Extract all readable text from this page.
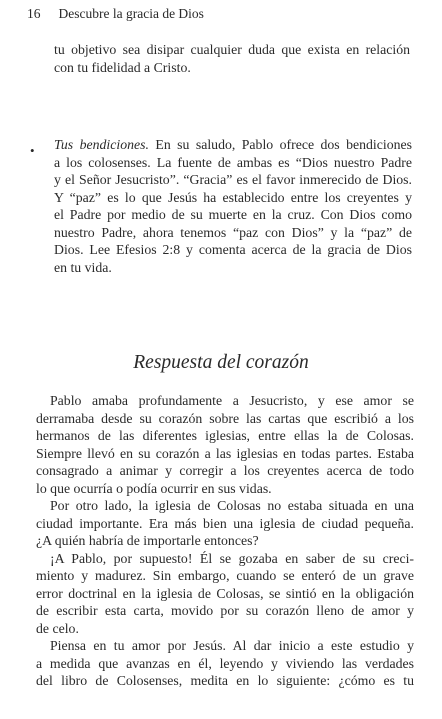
16 Descubre la gracia de Dios
tu objetivo sea disipar cualquier duda que exista en relación
con tu fidelidad a Cristo.
• Tus bendiciones. En su saludo, Pablo ofrece dos bendiciones
a los colosenses. La fuente de ambas es “Dios nuestro Padre
y el Señor Jesucristo”. “Gracia” es el favor inmerecido de Dios.
Y “paz” es lo que Jesús ha establecido entre los creyentes y
el Padre por medio de su muerte en la cruz. Con Dios como
nuestro Padre, ahora tenemos “paz con Dios” y la “paz” de
Dios. Lee Efesios 2:8 y comenta acerca de la gracia de Dios
en tu vida.
Respuesta del corazón
Pablo amaba profundamente a Jesucristo, y ese amor se
derramaba desde su corazón sobre las cartas que escribió a los
hermanos de las diferentes iglesias, entre ellas la de Colosas.
Siempre llevó en su corazón a las iglesias en todas partes. Estaba
consagrado a animar y corregir a los creyentes acerca de todo
lo que ocurría o podía ocurrir en sus vidas.
Por otro lado, la iglesia de Colosas no estaba situada en una
ciudad importante. Era más bien una iglesia de ciudad pequeña.
¿A quién habría de importarle entonces?
¡A Pablo, por supuesto! Él se gozaba en saber de su creci-
miento y madurez. Sin embargo, cuando se enteró de un grave
error doctrinal en la iglesia de Colosas, se sintió en la obligación
de escribir esta carta, movido por su corazón lleno de amor y
de celo.
Piensa en tu amor por Jesús. Al dar inicio a este estudio y
a medida que avanzas en él, leyendo y viviendo las verdades
del libro de Colosenses, medita en lo siguiente: ¿cómo es tu
